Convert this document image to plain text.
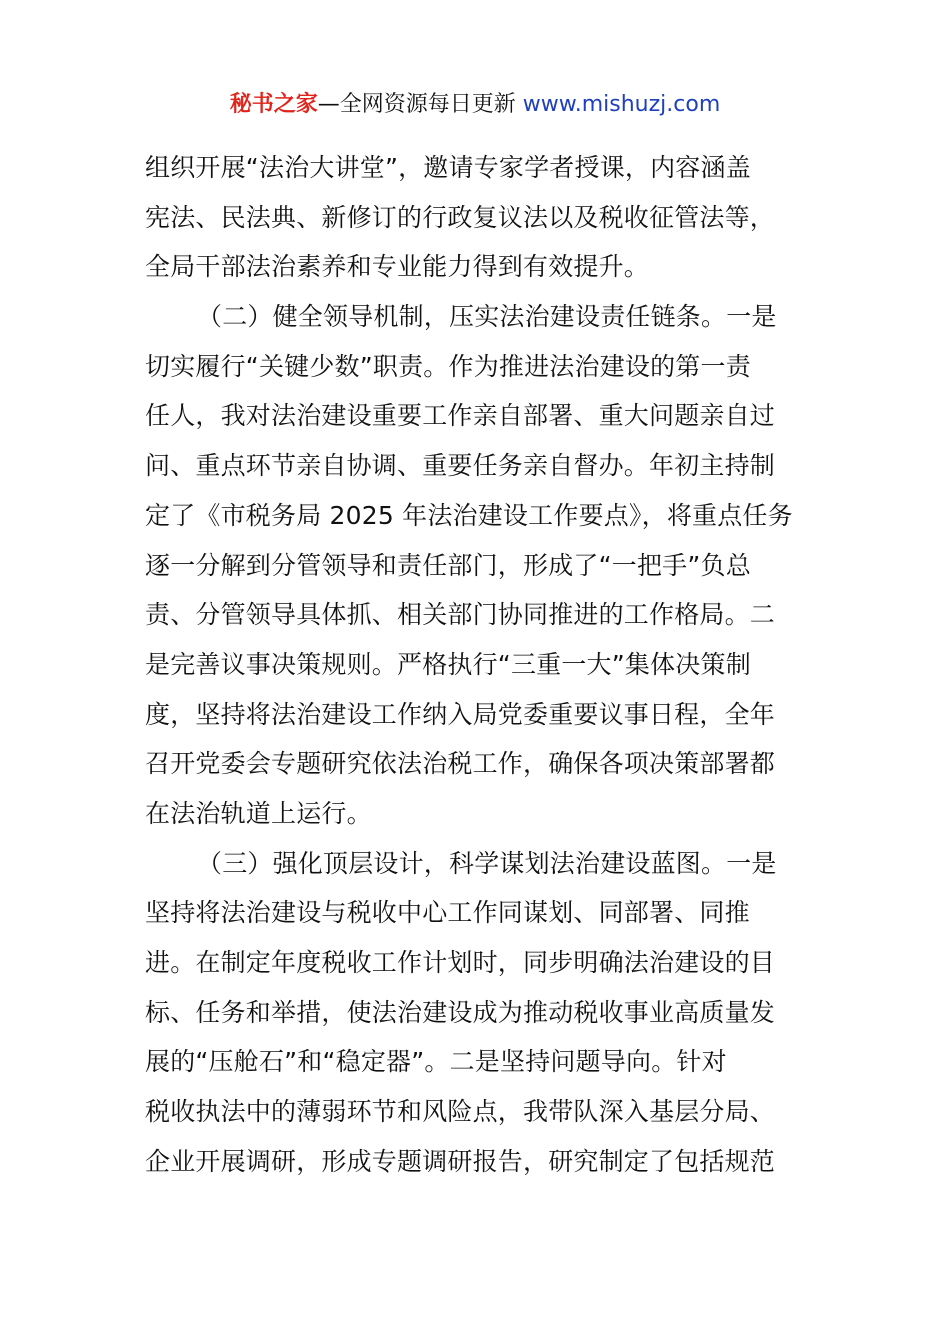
秘书之家—全网资源每日更新 www.mishuzj.com
组织开展“法治大讲堂”，邀请专家学者授课，内容涵盖
宪法、民法典、新修订的行政复议法以及税收征管法等，
全局干部法治素养和专业能力得到有效提升。
（二）健全领导机制，压实法治建设责任链条。一是
切实履行“关键少数”职责。作为推进法治建设的第一责
任人，我对法治建设重要工作亲自部署、重大问题亲自过
问、重点环节亲自协调、重要任务亲自督办。年初主持制
定了《市税务局 2025 年法治建设工作要点》，将重点任务
逐一分解到分管领导和责任部门，形成了“一把手”负总
责、分管领导具体抓、相关部门协同推进的工作格局。二
是完善议事决策规则。严格执行“三重一大”集体决策制
度，坚持将法治建设工作纳入局党委重要议事日程，全年
召开党委会专题研究依法治税工作，确保各项决策部署都
在法治轨道上运行。
（三）强化顶层设计，科学谋划法治建设蓝图。一是
坚持将法治建设与税收中心工作同谋划、同部署、同推
进。在制定年度税收工作计划时，同步明确法治建设的目
标、任务和举措，使法治建设成为推动税收事业高质量发
展的“压舱石”和“稳定器”。二是坚持问题导向。针对
税收执法中的薄弱环节和风险点，我带队深入基层分局、
企业开展调研，形成专题调研报告，研究制定了包括规范
